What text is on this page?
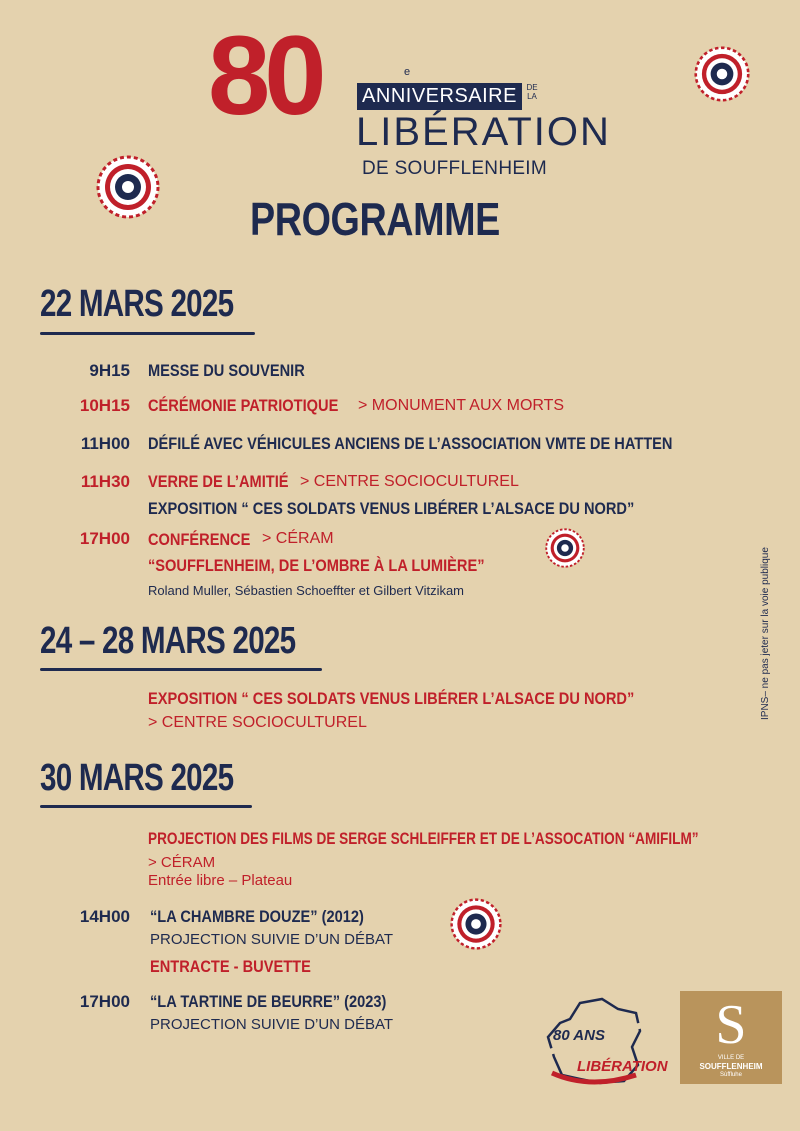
80	e
ANNIVERSAIRE	DE LA
LIBÉRATION
DE SOUFFLENHEIM
PROGRAMME
22 MARS 2025
9H15 MESSE DU SOUVENIR
10H15 CÉRÉMONIE PATRIOTIQUE > MONUMENT AUX MORTS
11H00 DÉFILÉ AVEC VÉHICULES ANCIENS DE L’ASSOCIATION VMTE DE HATTEN
11H30 VERRE DE L’AMITIÉ > CENTRE SOCIOCULTUREL
EXPOSITION “ CES SOLDATS VENUS LIBÉRER L’ALSACE DU NORD”
17H00 CONFÉRENCE > CÉRAM
“SOUFFLENHEIM, DE L’OMBRE À LA LUMIÈRE”
Roland Muller, Sébastien Schoeffter et Gilbert Vitzikam
24 – 28 MARS 2025
EXPOSITION “ CES SOLDATS VENUS LIBÉRER L’ALSACE DU NORD”
> CENTRE SOCIOCULTUREL
30 MARS 2025
PROJECTION DES FILMS DE SERGE SCHLEIFFER ET DE L’ASSOCATION “AMIFILM”
> CÉRAM
Entrée libre – Plateau
14H00 “LA CHAMBRE DOUZE” (2012)
PROJECTION SUIVIE D’UN DÉBAT
ENTRACTE - BUVETTE
17H00 “LA TARTINE DE BEURRE” (2023)
PROJECTION SUIVIE D’UN DÉBAT
IPNS– ne pas jeter sur la voie publique
80 ANS
LIBÉRATION
S
VILLE DE
SOUFFLENHEIM
Sùffluhe
